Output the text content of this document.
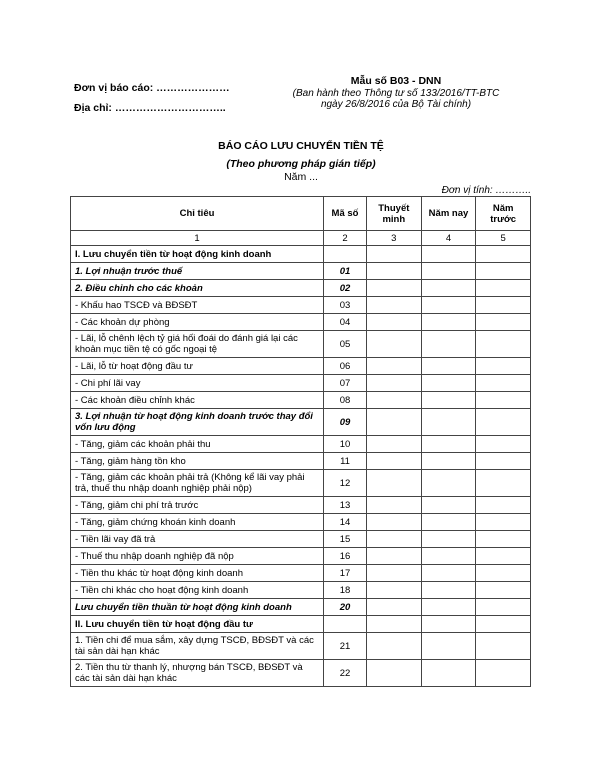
Đơn vị báo cáo: …………………
Địa chỉ: …………………………..
Mẫu số B03 - DNN
(Ban hành theo Thông tư số 133/2016/TT-BTC
ngày 26/8/2016 của Bộ Tài chính)
BÁO CÁO LƯU CHUYỂN TIỀN TỆ
(Theo phương pháp gián tiếp)
Năm ...
Đơn vị tính: ………..
Chỉ tiêu	Mã số	Thuyết minh	Năm nay	Năm trước
1	2	3	4	5
I. Lưu chuyển tiền từ hoạt động kinh doanh				
1. Lợi nhuận trước thuế	01			
2. Điều chỉnh cho các khoản	02			
- Khấu hao TSCĐ và BĐSĐT	03			
- Các khoản dự phòng	04			
- Lãi, lỗ chênh lệch tỷ giá hối đoái do đánh giá lại các khoản mục tiền tệ có gốc ngoại tệ	05			
- Lãi, lỗ từ hoạt động đầu tư	06			
- Chi phí lãi vay	07			
- Các khoản điều chỉnh khác	08			
3. Lợi nhuận từ hoạt động kinh doanh trước thay đổi vốn lưu động	09			
- Tăng, giảm các khoản phải thu	10			
- Tăng, giảm hàng tồn kho	11			
- Tăng, giảm các khoản phải trả (Không kể lãi vay phải trả, thuế thu nhập doanh nghiệp phải nộp)	12			
- Tăng, giảm chi phí trả trước	13			
- Tăng, giảm chứng khoán kinh doanh	14			
- Tiền lãi vay đã trả	15			
- Thuế thu nhập doanh nghiệp đã nộp	16			
- Tiền thu khác từ hoạt động kinh doanh	17			
- Tiền chi khác cho hoạt động kinh doanh	18			
Lưu chuyển tiền thuần từ hoạt động kinh doanh	20			
II. Lưu chuyển tiền từ hoạt động đầu tư				
1. Tiền chi để mua sắm, xây dựng TSCĐ, BĐSĐT và các tài sản dài hạn khác	21			
2. Tiền thu từ thanh lý, nhượng bán TSCĐ, BĐSĐT và các tài sản dài hạn khác	22			
